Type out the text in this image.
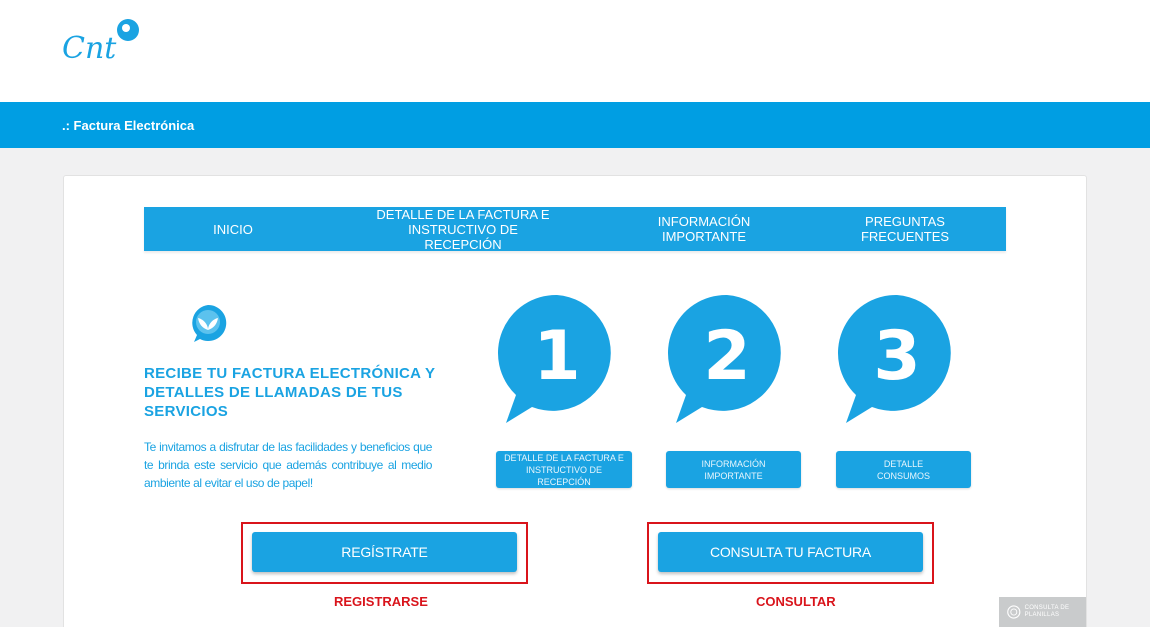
Cnt
.: Factura Electrónica
INICIO
DETALLE DE LA FACTURA E INSTRUCTIVO DE RECEPCIÓN
INFORMACIÓN IMPORTANTE
PREGUNTAS FRECUENTES
RECIBE TU FACTURA ELECTRÓNICA Y DETALLES DE LLAMADAS DE TUS SERVICIOS
Te invitamos a disfrutar de las facilidades y beneficios que te brinda este servicio que además contribuye al medio ambiente al evitar el uso de papel!
1 2 3
DETALLE DE LA FACTURA E INSTRUCTIVO DE RECEPCIÓN
INFORMACIÓN IMPORTANTE
DETALLE CONSUMOS
REGÍSTRATE	CONSULTA TU FACTURA
REGISTRARSE	CONSULTAR	CONSULTA DE PLANILLAS
